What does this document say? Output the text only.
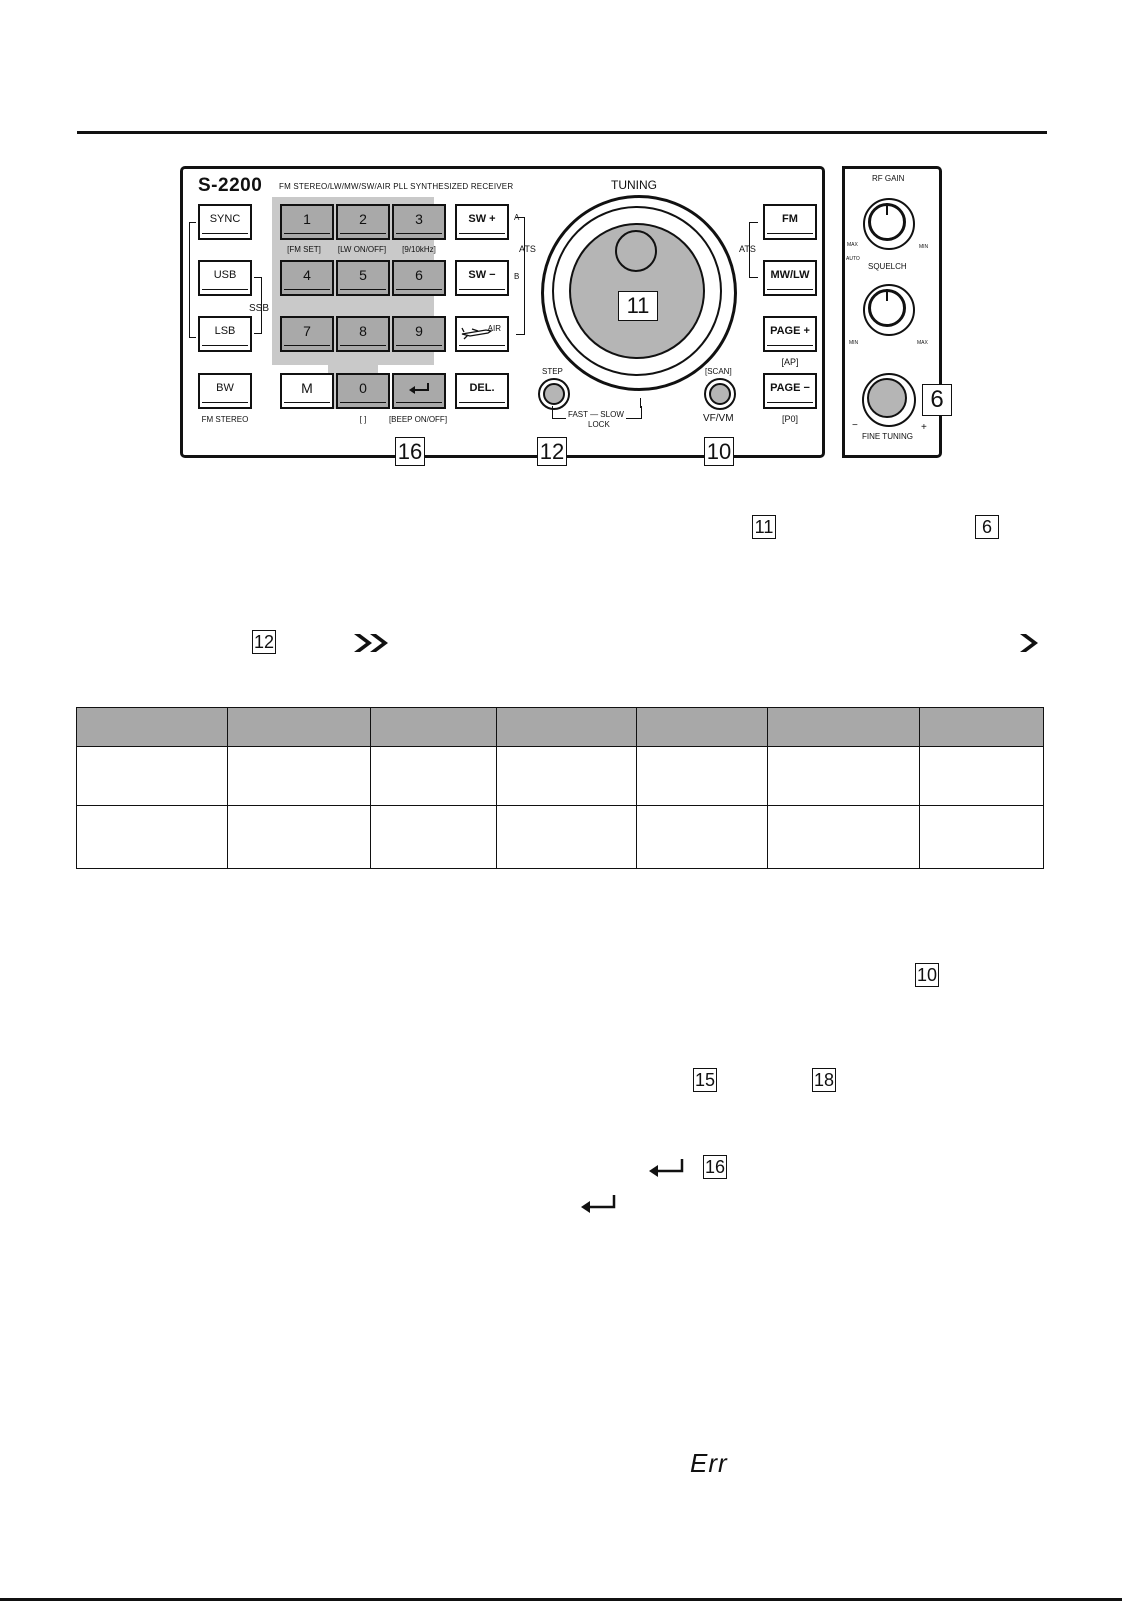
S-2200 FM STEREO/LW/MW/SW/AIR PLL SYNTHESIZED RECEIVER	TUNING
SYNC
USB
LSB
BW
FM STEREO
SSB
1	2	3
[FM SET]	[LW ON/OFF]	[9/10kHz]
4	5	6
7	8	9
M	0
[ ]	[BEEP ON/OFF]
SW +
SW −
AIR
DEL.
A
B
ATS
11
STEP	[SCAN]
VF/VM
FAST — SLOW
LOCK
FM
MW/LW
PAGE +
[AP]
PAGE −
[P0]
ATS
RF GAIN
MAX
AUTO
MIN
SQUELCH
MIN	MAX
−	+
FINE TUNING
6
16	12	10
11	6
12

10
15	18
16
Err
